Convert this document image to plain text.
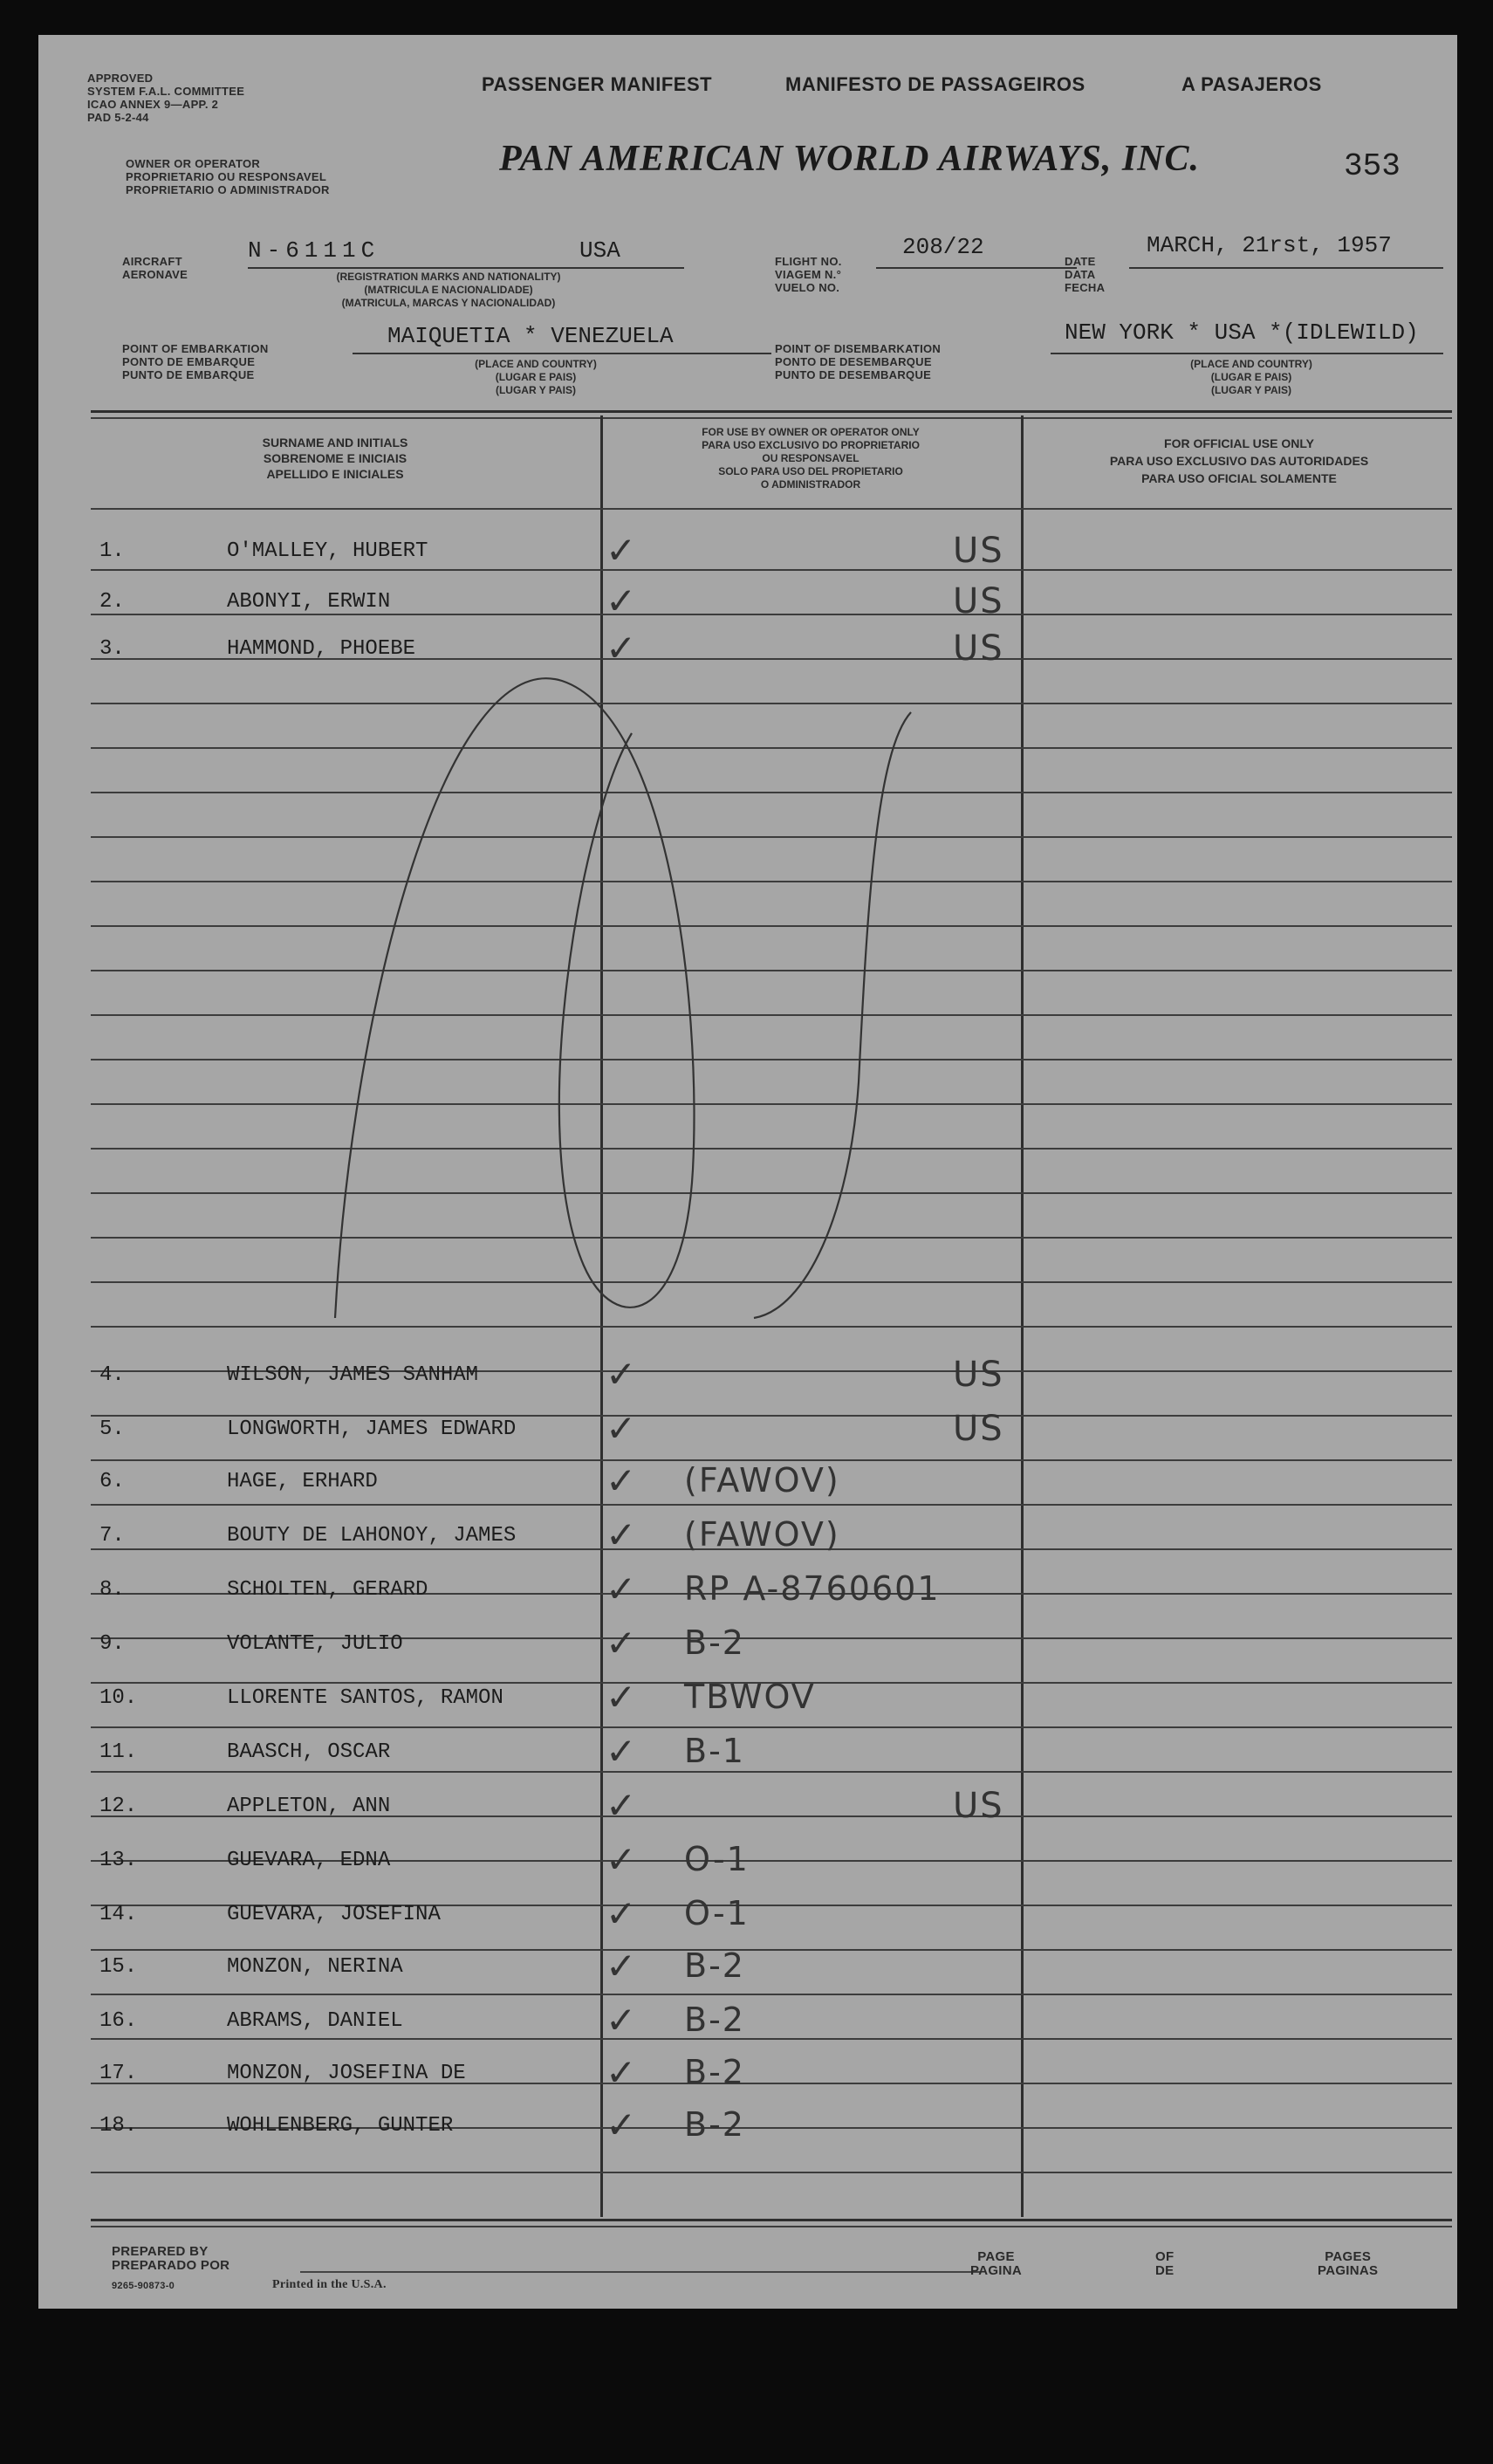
APPROVED
SYSTEM F.A.L. COMMITTEE
ICAO ANNEX 9—APP. 2
PAD 5-2-44
PASSENGER MANIFEST	MANIFESTO DE PASSAGEIROS	A PASAJEROS
OWNER OR OPERATOR
PROPRIETARIO OU RESPONSAVEL
PROPRIETARIO O ADMINISTRADOR
PAN AMERICAN WORLD AIRWAYS, INC.	353
AIRCRAFT
AERONAVE
N-6111C	USA
(REGISTRATION MARKS AND NATIONALITY)
(MATRICULA E NACIONALIDADE)
(MATRICULA, MARCAS Y NACIONALIDAD)
FLIGHT NO.
VIAGEM N.°
VUELO NO.
208/22
DATE
DATA
FECHA
MARCH, 21rst, 1957
POINT OF EMBARKATION
PONTO DE EMBARQUE
PUNTO DE EMBARQUE
MAIQUETIA * VENEZUELA
(PLACE AND COUNTRY)
(LUGAR E PAIS)
(LUGAR Y PAIS)
POINT OF DISEMBARKATION
PONTO DE DESEMBARQUE
PUNTO DE DESEMBARQUE
NEW YORK * USA *(IDLEWILD)
(PLACE AND COUNTRY)
(LUGAR E PAIS)
(LUGAR Y PAIS)
SURNAME AND INITIALS
SOBRENOME E INICIAIS
APELLIDO E INICIALES
FOR USE BY OWNER OR OPERATOR ONLY
PARA USO EXCLUSIVO DO PROPRIETARIO
OU RESPONSAVEL
SOLO PARA USO DEL PROPIETARIO
O ADMINISTRADOR
FOR OFFICIAL USE ONLY
PARA USO EXCLUSIVO DAS AUTORIDADES
PARA USO OFICIAL SOLAMENTE
1.	O'MALLEY, HUBERT	✓	US
2.	ABONYI, ERWIN	✓	US
3.	HAMMOND, PHOEBE	✓	US
4.	WILSON, JAMES SANHAM	✓	US
5.	LONGWORTH, JAMES EDWARD ✓	US
6.	HAGE, ERHARD	✓ (FAWOV)
7.	BOUTY DE LAHONOY, JAMES ✓ (FAWOV)
8.	SCHOLTEN, GERARD	✓ RP A-8760601
9.	VOLANTE, JULIO	✓ B-2
10.	LLORENTE SANTOS, RAMON	✓ TBWOV
11.	BAASCH, OSCAR	✓ B-1
12.	APPLETON, ANN	✓	US
13.	GUEVARA, EDNA	✓ O-1
14.	GUEVARA, JOSEFINA	✓ O-1
15.	MONZON, NERINA	✓ B-2
16.	ABRAMS, DANIEL	✓ B-2
17.	MONZON, JOSEFINA DE	✓ B-2
18.	WOHLENBERG, GUNTER	✓ B-2
PREPARED BY
PREPARADO POR
9265-90873-0	Printed in the U.S.A.
PAGE
PAGINA
OF
DE
PAGES
PAGINAS
